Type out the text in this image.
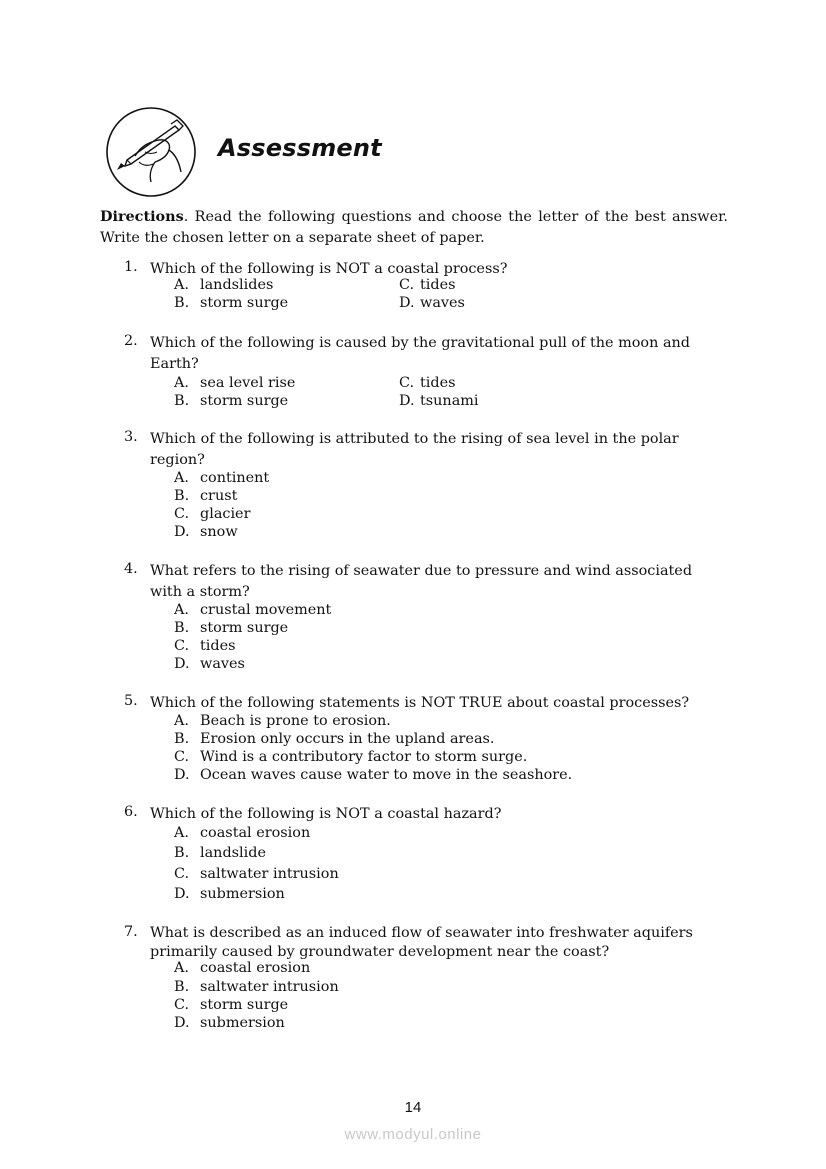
Assessment
Directions. Read the following questions and choose the letter of the best answer. Write the chosen letter on a separate sheet of paper.
1. Which of the following is NOT a coastal process?
A. landslides
B. storm surge
C. tides
D. waves
2. Which of the following is caused by the gravitational pull of the moon and Earth?
A. sea level rise
B. storm surge
C. tides
D. tsunami
3. Which of the following is attributed to the rising of sea level in the polar region?
A. continent
B. crust
C. glacier
D. snow
4. What refers to the rising of seawater due to pressure and wind associated with a storm?
A. crustal movement
B. storm surge
C. tides
D. waves
5. Which of the following statements is NOT TRUE about coastal processes?
A. Beach is prone to erosion.
B. Erosion only occurs in the upland areas.
C. Wind is a contributory factor to storm surge.
D. Ocean waves cause water to move in the seashore.
6. Which of the following is NOT a coastal hazard?
A. coastal erosion
B. landslide
C. saltwater intrusion
D. submersion
7. What is described as an induced flow of seawater into freshwater aquifers primarily caused by groundwater development near the coast?
A. coastal erosion
B. saltwater intrusion
C. storm surge
D. submersion
14
www.modyul.online
